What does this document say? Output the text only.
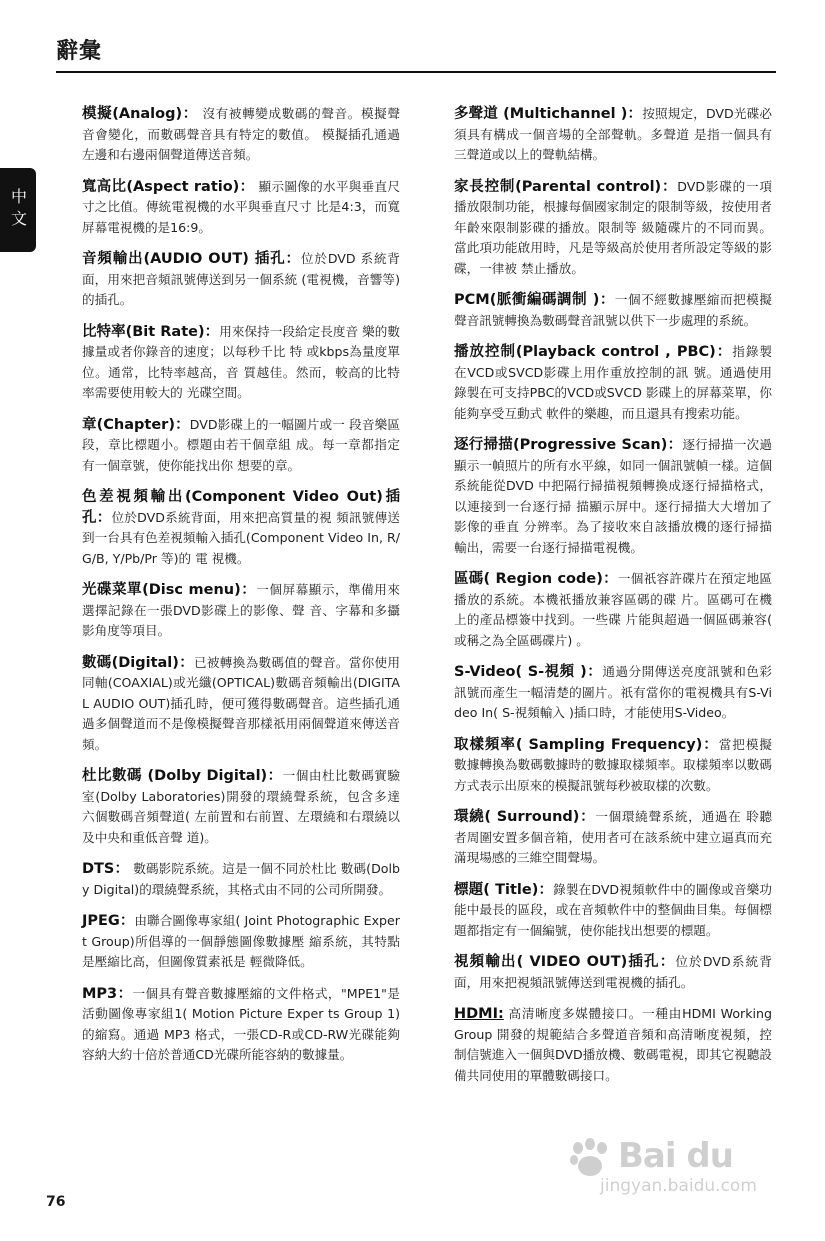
辭彙
中文

模擬(Analog)： 沒有被轉變成數碼的聲音。模擬聲音會變化，而數碼聲音具有特定的數值。 模擬插孔通過左邊和右邊兩個聲道傳送音頻。

寬高比(Aspect ratio)： 顯示圖像的水平與垂直尺寸之比值。傳統電視機的水平與垂直尺寸 比是4:3，而寬屏幕電視機的是16:9。

音頻輸出(AUDIO OUT) 插孔：位於DVD 系統背面，用來把音頻訊號傳送到另一個系統 (電視機，音響等) 的插孔。

比特率(Bit Rate)：用來保持一段給定長度音 樂的數據量或者你錄音的速度；以每秒千比 特 或kbps為量度單位。通常，比特率越高，音 質越佳。然而，較高的比特率需要使用較大的 光碟空間。

章(Chapter)：DVD影碟上的一幅圖片或一 段音樂區段，章比標題小。標題由若干個章組 成。每一章都指定有一個章號，使你能找出你 想要的章。

色差視頻輸出(Component Video Out)插孔：位於DVD系統背面，用來把高質量的視 頻訊號傳送到一台具有色差視頻輸入插孔(Component Video In, R/G/B, Y/Pb/Pr 等)的 電 視機。

光碟菜單(Disc menu)：一個屏幕顯示，準備用來選擇記錄在一張DVD影碟上的影像、聲 音、字幕和多攝影角度等項目。

數碼(Digital)：已被轉換為數碼值的聲音。當你使用同軸(COAXIAL)或光纖(OPTICAL)數碼音頻輸出(DIGITAL AUDIO OUT)插孔時，便可獲得數碼聲音。這些插孔通過多個聲道而不是像模擬聲音那樣祇用兩個聲道來傳送音頻。

杜比數碼 (Dolby Digital)：一個由杜比數碼實驗室(Dolby Laboratories)開發的環繞聲系統，包含多達六個數碼音頻聲道( 左前置和右前置、左環繞和右環繞以及中央和重低音聲 道)。

DTS： 數碼影院系統。這是一個不同於杜比 數碼(Dolby Digital)的環繞聲系統，其格式由不同的公司所開發。

JPEG：由聯合圖像專家組( Joint Photographic Exper t Group)所倡導的一個靜態圖像數據壓 縮系統，其特點是壓縮比高，但圖像質素祇是 輕微降低。

MP3：一個具有聲音數據壓縮的文件格式，"MPE1"是活動圖像專家組1( Motion Picture Exper ts Group 1)的縮寫。通過 MP3 格式，一張CD-R或CD-RW光碟能夠容納大約十倍於普通CD光碟所能容納的數據量。

多聲道 (Multichannel )：按照規定，DVD光碟必須具有構成一個音場的全部聲軌。多聲道 是指一個具有三聲道或以上的聲軌結構。

家長控制(Parental control)：DVD影碟的一項播放限制功能，根據每個國家制定的限制等級，按使用者年齡來限制影碟的播放。限制等 級隨碟片的不同而異。當此項功能啟用時，凡是等級高於使用者所設定等級的影碟，一律被 禁止播放。

PCM(脈衝編碼調制 )：一個不經數據壓縮而把模擬聲音訊號轉換為數碼聲音訊號以供下一步處理的系統。

播放控制(Playback control , PBC)：指錄製在VCD或SVCD影碟上用作重放控制的訊 號。通過使用錄製在可支持PBC的VCD或SVCD 影碟上的屏幕菜單，你能夠享受互動式 軟件的樂趣，而且還具有搜索功能。

逐行掃描(Progressive Scan)：逐行掃描一次過顯示一幀照片的所有水平線，如同一個訊號幀一樣。這個系統能從DVD 中把隔行掃描視頻轉換成逐行掃描格式，以連接到一台逐行掃 描顯示屏中。逐行掃描大大增加了影像的垂直 分辨率。為了接收來自該播放機的逐行掃描輸出，需要一台逐行掃描電視機。

區碼( Region code)：一個祇容許碟片在預定地區播放的系統。本機祇播放兼容區碼的碟 片。區碼可在機上的產品標簽中找到。一些碟 片能與超過一個區碼兼容( 或稱之為全區碼碟片) 。

S-Video( S-視頻 )：通過分開傳送亮度訊號和色彩訊號而產生一幅清楚的圖片。祇有當你的電視機具有S-Video In( S-視頻輸入 )插口時，才能使用S-Video。

取樣頻率( Sampling Frequency)：當把模擬數據轉換為數碼數據時的數據取樣頻率。取樣頻率以數碼方式表示出原來的模擬訊號每秒被取樣的次數。

環繞( Surround)：一個環繞聲系統，通過在 聆聽者周圍安置多個音箱，使用者可在該系統中建立逼真而充滿現場感的三維空間聲場。

標題( Title)：錄製在DVD視頻軟件中的圖像或音樂功能中最長的區段，或在音頻軟件中的整個曲目集。每個標題都指定有一個編號，使你能找出想要的標題。

視頻輸出( VIDEO OUT)插孔：位於DVD系統背面，用來把視頻訊號傳送到電視機的插孔。

HDMI: 高清晰度多媒體接口。一種由HDMI Working Group 開發的規範結合多聲道音頻和高清晰度視頻，控制信號進入一個與DVD播放機、數碼電視，即其它視聽設備共同使用的單體數碼接口。

76
Bai du
jingyan.baidu.com
